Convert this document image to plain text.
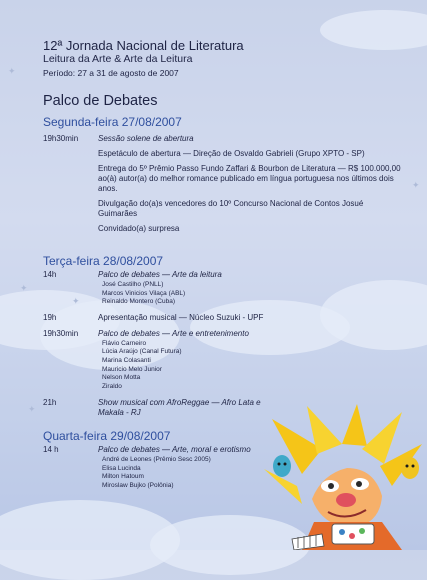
✦
✦
✦
✦
✦
12ª Jornada Nacional de Literatura
Leitura da Arte & Arte da Leitura
Período: 27 a 31 de agosto de 2007
Palco de Debates
Segunda-feira 27/08/2007
19h30min Sessão solene de abertura
Espetáculo de abertura — Direção de Osvaldo Gabrieli (Grupo XPTO - SP)
Entrega do 5º Prêmio Passo Fundo Zaffari & Bourbon de Literatura — R$ 100.000,00 ao(à) autor(a) do melhor romance publicado em língua portuguesa nos últimos dois anos.
Divulgação do(a)s vencedores do 10º Concurso Nacional de Contos Josué Guimarães
Convidado(a) surpresa
Terça-feira 28/08/2007
14h	Palco de debates — Arte da leitura
José Castilho (PNLL)
Marcos Vinicios Vilaça (ABL)
Reinaldo Montero (Cuba)
19h	Apresentação musical — Núcleo Suzuki - UPF
19h30min Palco de debates — Arte e entretenimento
Flávio Carneiro
Lúcia Araújo (Canal Futura)
Marina Colasanti
Mauricio Melo Junior
Nelson Motta
Ziraldo
21h	Show musical com AfroReggae — Afro Lata e Makala - RJ
Quarta-feira 29/08/2007
14 h	Palco de debates — Arte, moral e erotismo
André de Leones (Prêmio Sesc 2005)
Elisa Lucinda
Milton Hatoum
Miroslaw Bujko (Polônia)
